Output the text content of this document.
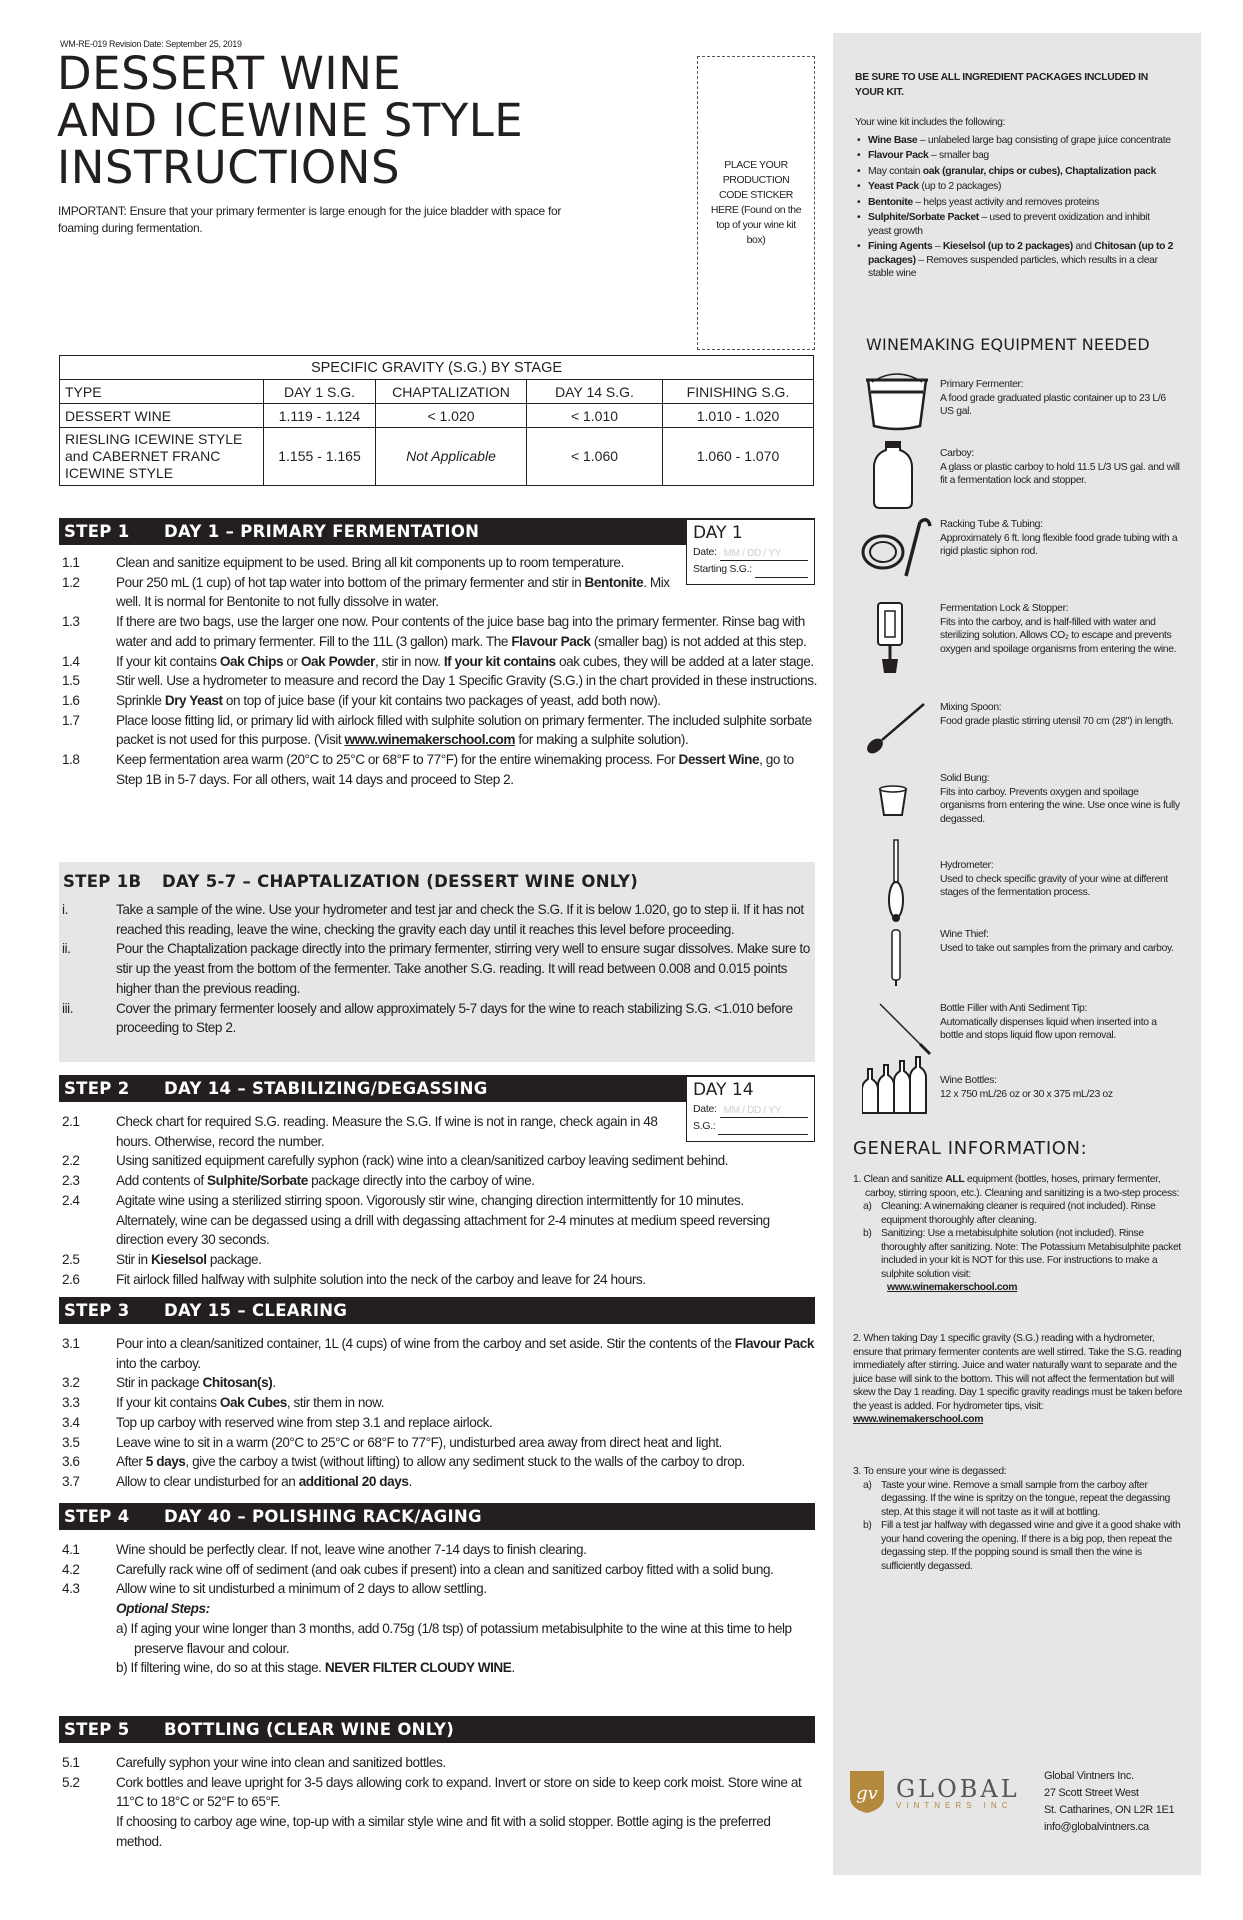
WM-RE-019 Revision Date: September 25, 2019
DESSERT WINE
AND ICEWINE STYLE
INSTRUCTIONS
IMPORTANT: Ensure that your primary fermenter is large enough for the juice bladder with space for foaming during fermentation.
PLACE YOUR PRODUCTION CODE STICKER HERE (Found on the top of your wine kit box)
SPECIFIC GRAVITY (S.G.) BY STAGE				
TYPE	DAY 1 S.G.	CHAPTALIZATION	DAY 14 S.G.	FINISHING S.G.
DESSERT WINE	1.119 - 1.124	< 1.020	< 1.010	1.010 - 1.020
RIESLING ICEWINE STYLE and CABERNET FRANC ICEWINE STYLE	1.155 - 1.165	Not Applicable	< 1.060	1.060 - 1.070
STEP 1 DAY 1 – PRIMARY FERMENTATION	DAY 1
Date: MM / DD / YY
Starting S.G.:
1.1	Clean and sanitize equipment to be used. Bring all kit components up to room temperature.
1.2	Pour 250 mL (1 cup) of hot tap water into bottom of the primary fermenter and stir in Bentonite. Mix well. It is normal for Bentonite to not fully dissolve in water.
1.3	If there are two bags, use the larger one now. Pour contents of the juice base bag into the primary fermenter. Rinse bag with water and add to primary fermenter. Fill to the 11L (3 gallon) mark. The Flavour Pack (smaller bag) is not added at this step.
1.4	If your kit contains Oak Chips or Oak Powder, stir in now. If your kit contains oak cubes, they will be added at a later stage.
1.5	Stir well. Use a hydrometer to measure and record the Day 1 Specific Gravity (S.G.) in the chart provided in these instructions.
1.6	Sprinkle Dry Yeast on top of juice base (if your kit contains two packages of yeast, add both now).
1.7	Place loose fitting lid, or primary lid with airlock filled with sulphite solution on primary fermenter. The included sulphite sorbate packet is not used for this purpose. (Visit www.winemakerschool.com for making a sulphite solution).
1.8	Keep fermentation area warm (20°C to 25°C or 68°F to 77°F) for the entire winemaking process. For Dessert Wine, go to Step 1B in 5-7 days. For all others, wait 14 days and proceed to Step 2.
STEP 1B DAY 5-7 – CHAPTALIZATION (DESSERT WINE ONLY)
i.	Take a sample of the wine. Use your hydrometer and test jar and check the S.G. If it is below 1.020, go to step ii. If it has not reached this reading, leave the wine, checking the gravity each day until it reaches this level before proceeding.
ii.	Pour the Chaptalization package directly into the primary fermenter, stirring very well to ensure sugar dissolves. Make sure to stir up the yeast from the bottom of the fermenter. Take another S.G. reading. It will read between 0.008 and 0.015 points higher than the previous reading.
iii.	Cover the primary fermenter loosely and allow approximately 5-7 days for the wine to reach stabilizing S.G. <1.010 before proceeding to Step 2.
STEP 2 DAY 14 – STABILIZING/DEGASSING	DAY 14
Date: MM / DD / YY
S.G.:
2.1	Check chart for required S.G. reading. Measure the S.G. If wine is not in range, check again in 48 hours. Otherwise, record the number.
2.2	Using sanitized equipment carefully syphon (rack) wine into a clean/sanitized carboy leaving sediment behind.
2.3	Add contents of Sulphite/Sorbate package directly into the carboy of wine.
2.4	Agitate wine using a sterilized stirring spoon. Vigorously stir wine, changing direction intermittently for 10 minutes. Alternately, wine can be degassed using a drill with degassing attachment for 2-4 minutes at medium speed reversing direction every 30 seconds.
2.5	Stir in Kieselsol package.
2.6	Fit airlock filled halfway with sulphite solution into the neck of the carboy and leave for 24 hours.
STEP 3 DAY 15 – CLEARING
3.1	Pour into a clean/sanitized container, 1L (4 cups) of wine from the carboy and set aside. Stir the contents of the Flavour Pack into the carboy.
3.2	Stir in package Chitosan(s).
3.3	If your kit contains Oak Cubes, stir them in now.
3.4	Top up carboy with reserved wine from step 3.1 and replace airlock.
3.5	Leave wine to sit in a warm (20°C to 25°C or 68°F to 77°F), undisturbed area away from direct heat and light.
3.6	After 5 days, give the carboy a twist (without lifting) to allow any sediment stuck to the walls of the carboy to drop.
3.7	Allow to clear undisturbed for an additional 20 days.
STEP 4 DAY 40 – POLISHING RACK/AGING
4.1	Wine should be perfectly clear. If not, leave wine another 7-14 days to finish clearing.
4.2	Carefully rack wine off of sediment (and oak cubes if present) into a clean and sanitized carboy fitted with a solid bung.
4.3	Allow wine to sit undisturbed a minimum of 2 days to allow settling.
Optional Steps:
a) If aging your wine longer than 3 months, add 0.75g (1/8 tsp) of potassium metabisulphite to the wine at this time to help preserve flavour and colour.
b) If filtering wine, do so at this stage. NEVER FILTER CLOUDY WINE.
STEP 5 BOTTLING (CLEAR WINE ONLY)
5.1	Carefully syphon your wine into clean and sanitized bottles.
5.2	Cork bottles and leave upright for 3-5 days allowing cork to expand. Invert or store on side to keep cork moist. Store wine at 11°C to 18°C or 52°F to 65°F.
If choosing to carboy age wine, top-up with a similar style wine and fit with a solid stopper. Bottle aging is the preferred method.
BE SURE TO USE ALL INGREDIENT PACKAGES INCLUDED IN YOUR KIT.
Your wine kit includes the following:
• Wine Base – unlabeled large bag consisting of grape juice concentrate
• Flavour Pack – smaller bag
• May contain oak (granular, chips or cubes), Chaptalization pack
• Yeast Pack (up to 2 packages)
• Bentonite – helps yeast activity and removes proteins
• Sulphite/Sorbate Packet – used to prevent oxidization and inhibit yeast growth
• Fining Agents – Kieselsol (up to 2 packages) and Chitosan (up to 2 packages) – Removes suspended particles, which results in a clear stable wine
WINEMAKING EQUIPMENT NEEDED
Primary Fermenter:
A food grade graduated plastic container up to 23 L/6 US gal.
Carboy:
A glass or plastic carboy to hold 11.5 L/3 US gal. and will fit a fermentation lock and stopper.
Racking Tube & Tubing:
Approximately 6 ft. long flexible food grade tubing with a rigid plastic siphon rod.
Fermentation Lock & Stopper:
Fits into the carboy, and is half-filled with water and sterilizing solution. Allows CO₂ to escape and prevents oxygen and spoilage organisms from entering the wine.
Mixing Spoon:
Food grade plastic stirring utensil 70 cm (28") in length.
Solid Bung:
Fits into carboy. Prevents oxygen and spoilage organisms from entering the wine. Use once wine is fully degassed.
Hydrometer:
Used to check specific gravity of your wine at different stages of the fermentation process.
Wine Thief:
Used to take out samples from the primary and carboy.
Bottle Filler with Anti Sediment Tip:
Automatically dispenses liquid when inserted into a bottle and stops liquid flow upon removal.
Wine Bottles:
12 x 750 mL/26 oz or 30 x 375 mL/23 oz
GENERAL INFORMATION:
1. Clean and sanitize ALL equipment (bottles, hoses, primary fermenter, carboy, stirring spoon, etc.). Cleaning and sanitizing is a two-step process:
a) Cleaning: A winemaking cleaner is required (not included). Rinse equipment thoroughly after cleaning.
b) Sanitizing: Use a metabisulphite solution (not included). Rinse thoroughly after sanitizing. Note: The Potassium Metabisulphite packet included in your kit is NOT for this use. For instructions to make a sulphite solution visit:
www.winemakerschool.com
2. When taking Day 1 specific gravity (S.G.) reading with a hydrometer, ensure that primary fermenter contents are well stirred. Take the S.G. reading immediately after stirring. Juice and water naturally want to separate and the juice base will sink to the bottom. This will not affect the fermentation but will skew the Day 1 reading. Day 1 specific gravity readings must be taken before the yeast is added. For hydrometer tips, visit:
www.winemakerschool.com
3. To ensure your wine is degassed:
a) Taste your wine. Remove a small sample from the carboy after degassing. If the wine is spritzy on the tongue, repeat the degassing step. At this stage it will not taste as it will at bottling.
b) Fill a test jar halfway with degassed wine and give it a good shake with your hand covering the opening. If there is a big pop, then repeat the degassing step. If the popping sound is small then the wine is sufficiently degassed.
gv GLOBAL
VINTNERS INC
Global Vintners Inc.
27 Scott Street West
St. Catharines, ON L2R 1E1
info@globalvintners.ca
